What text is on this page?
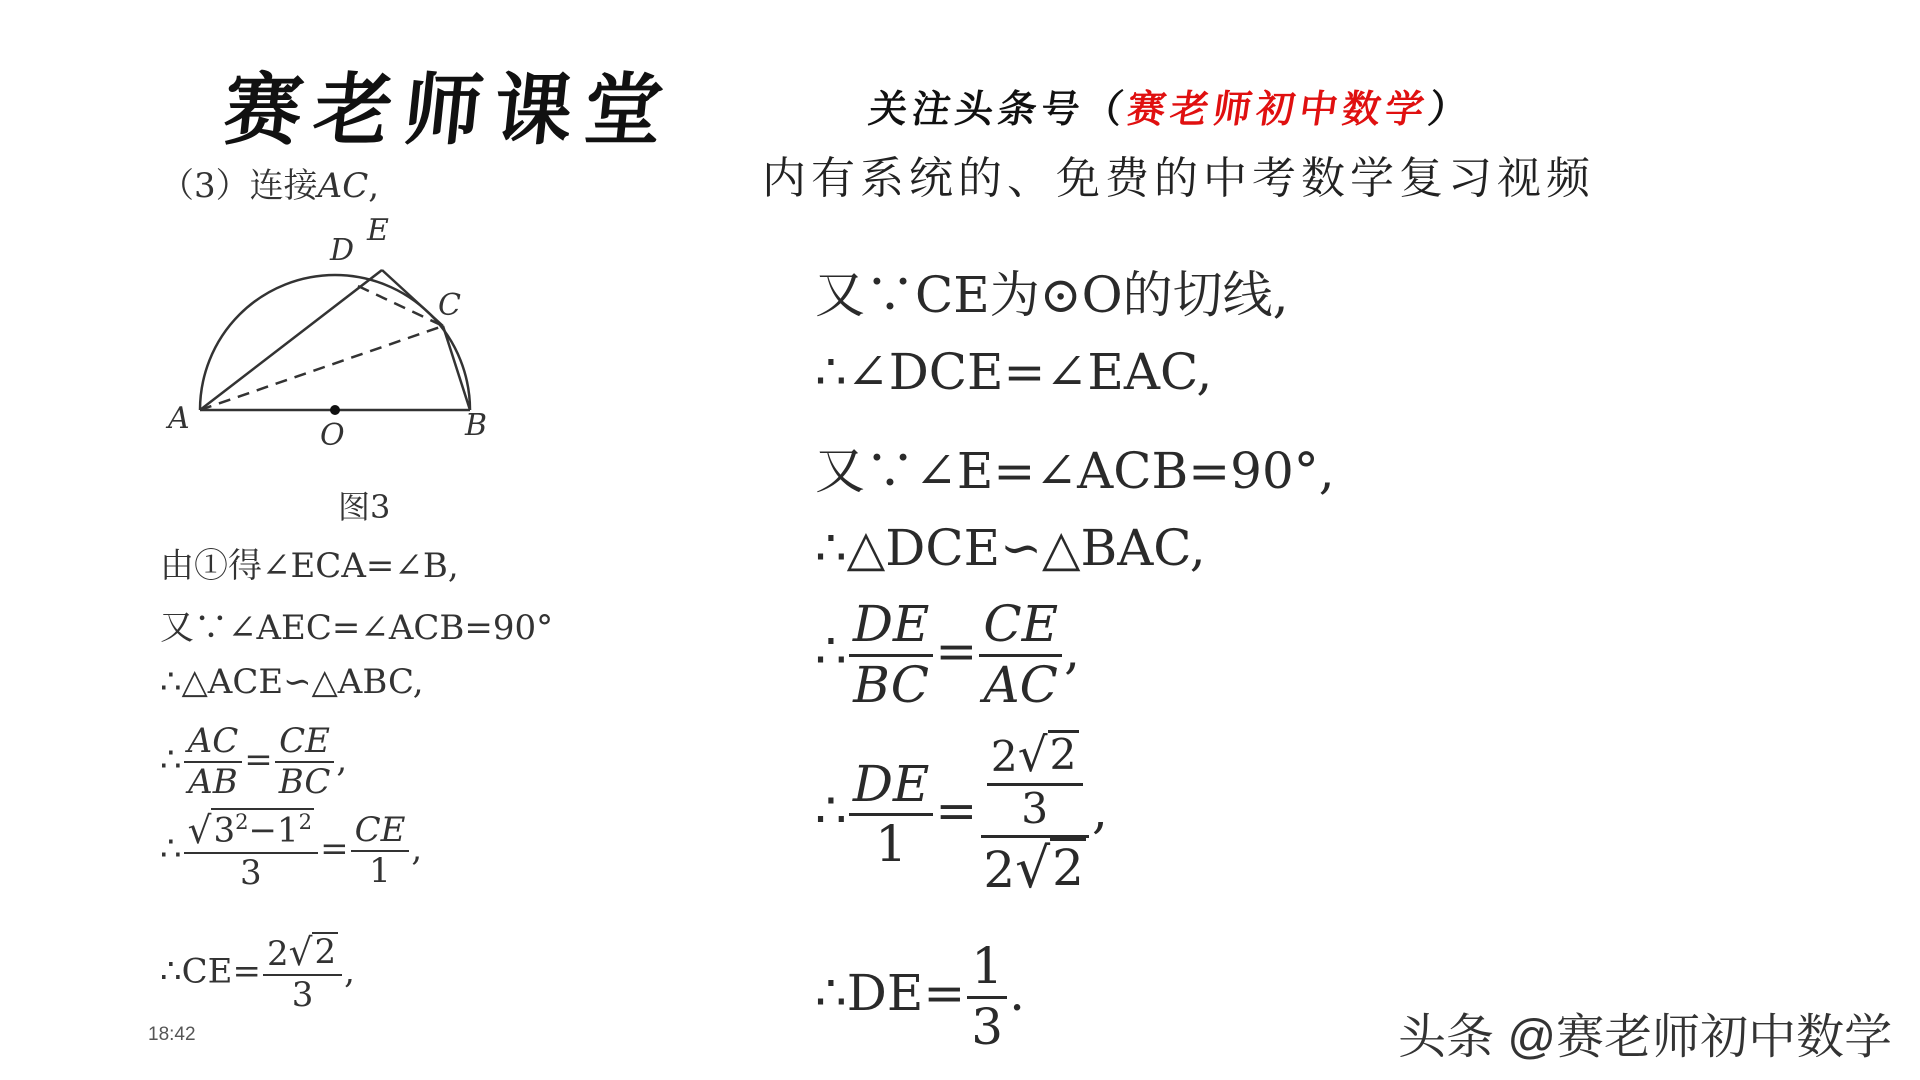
赛老师课堂	关注头条号（赛老师初中数学）
内有系统的、免费的中考数学复习视频
（3）连接AC,
A	B
C
D
E
O
图3
由①得∠ECA=∠B,
又∵∠AEC=∠ACB=90°
∴△ACE∽△ABC,
∴ $\frac{AC}{AB} = \frac{CE}{BC}$ ,
∴ $\frac{√ 3^2-1^2}{3} = \frac{CE}{1}$ ,
∴CE= $\frac{2 √ 2}{3}$ ,
又∵CE为⊙O的切线,
∴∠DCE=∠EAC,
又∵∠E=∠ACB=90°,
∴△DCE∽△BAC,
∴ $\frac{DE}{BC} = \frac{CE}{AC}$ ,
∴ $\frac{DE}{1} = \frac{\frac{2 √ 2}{3}}{2 √ 2}$ ,
∴DE= $\frac{1}{3}$ .
18:42	头条 @赛老师初中数学
